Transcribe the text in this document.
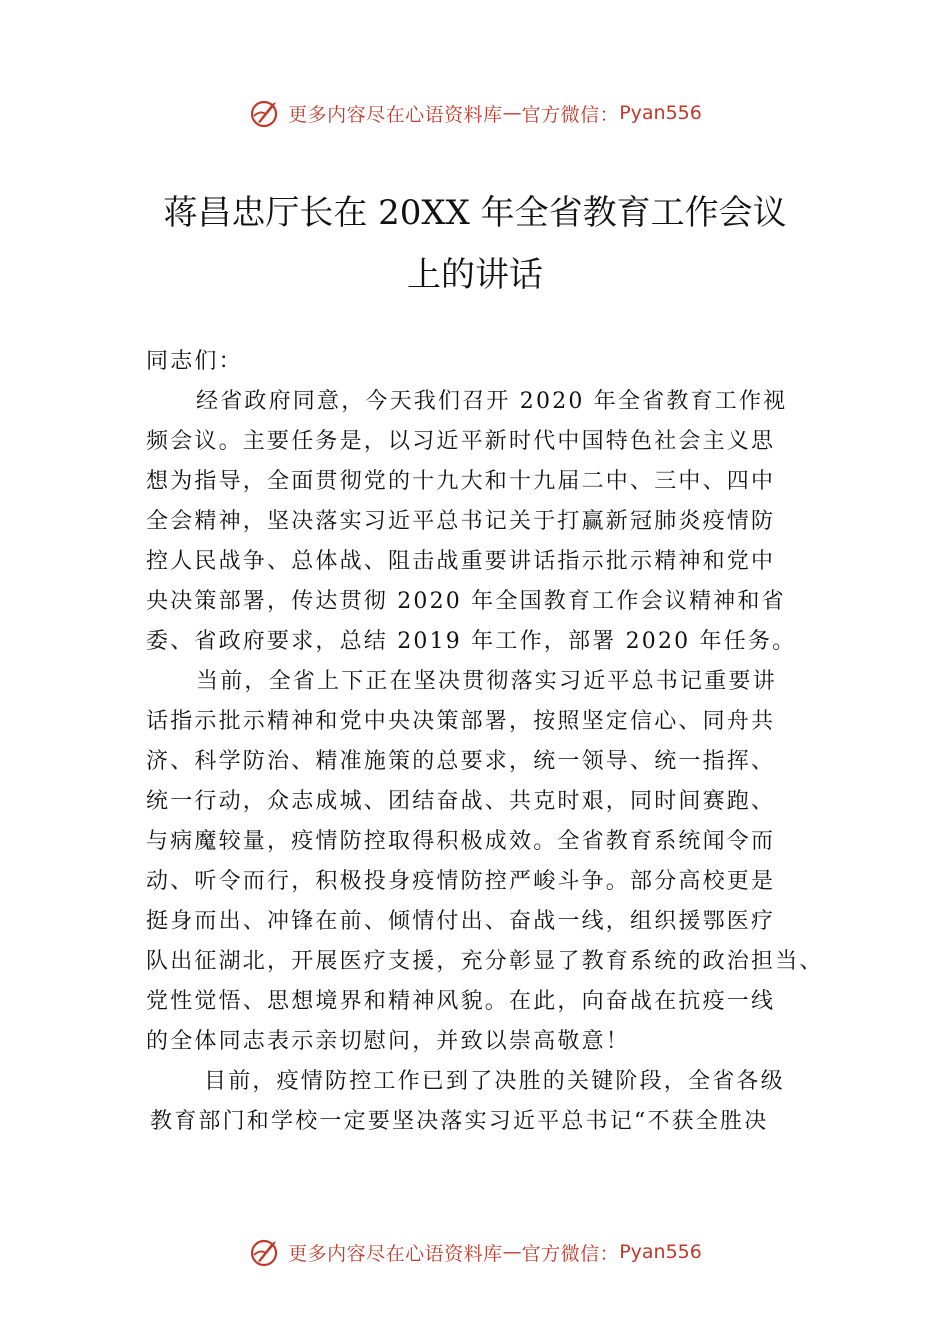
更多内容尽在心语资料库 — 官方微信： Pyan556
蒋昌忠厅长在 20XX 年全省教育工作会议
上的讲话
同志们：
经省政府同意，今天我们召开 2020 年全省教育工作视
频会议。主要任务是，以习近平新时代中国特色社会主义思
想为指导，全面贯彻党的十九大和十九届二中、三中、四中
全会精神，坚决落实习近平总书记关于打赢新冠肺炎疫情防
控人民战争、总体战、阻击战重要讲话指示批示精神和党中
央决策部署，传达贯彻 2020 年全国教育工作会议精神和省
委、省政府要求，总结 2019 年工作，部署 2020 年任务。
当前，全省上下正在坚决贯彻落实习近平总书记重要讲
话指示批示精神和党中央决策部署，按照坚定信心、同舟共
济、科学防治、精准施策的总要求，统一领导、统一指挥、
统一行动，众志成城、团结奋战、共克时艰，同时间赛跑、
与病魔较量，疫情防控取得积极成效。全省教育系统闻令而
动、听令而行，积极投身疫情防控严峻斗争。部分高校更是
挺身而出、冲锋在前、倾情付出、奋战一线，组织援鄂医疗
队出征湖北，开展医疗支援，充分彰显了教育系统的政治担当、
党性觉悟、思想境界和精神风貌。在此，向奋战在抗疫一线
的全体同志表示亲切慰问，并致以崇高敬意！
目前，疫情防控工作已到了决胜的关键阶段，全省各级
教育部门和学校一定要坚决落实习近平总书记“不获全胜决
更多内容尽在心语资料库 — 官方微信： Pyan556
